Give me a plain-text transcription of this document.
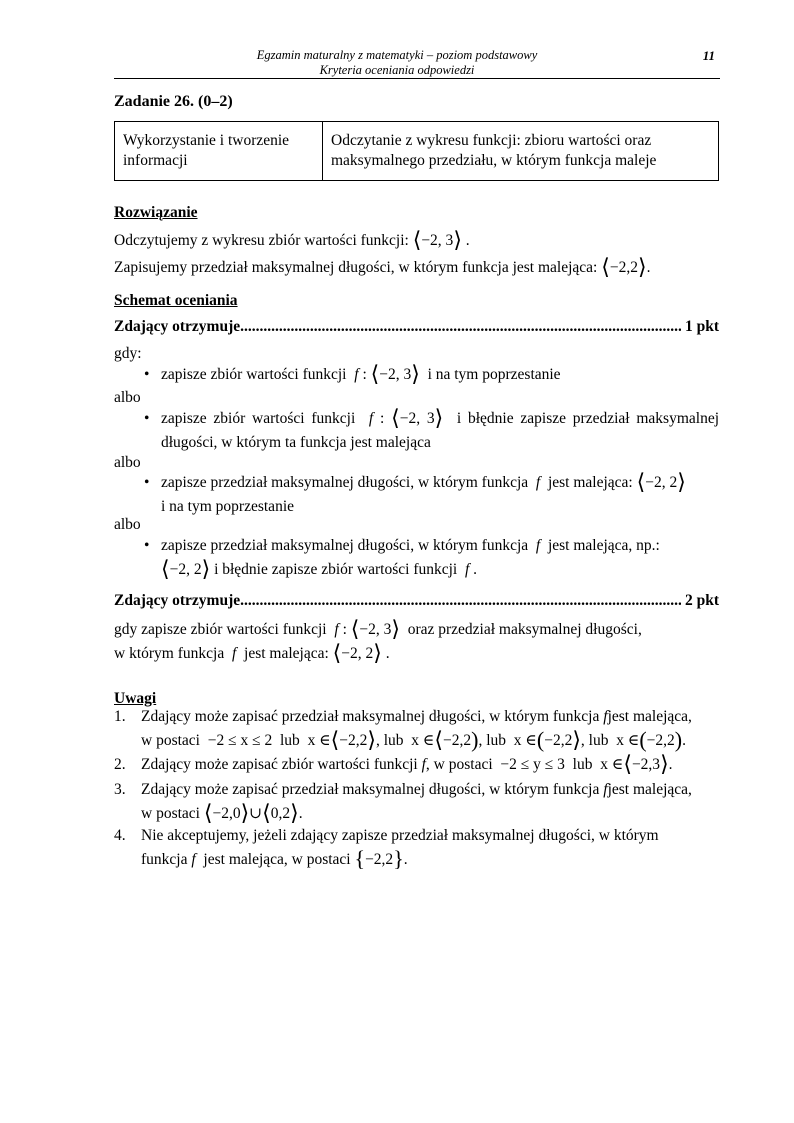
Egzamin maturalny z matematyki – poziom podstawowy
Kryteria oceniania odpowiedzi
11
Zadanie 26. (0–2)
Wykorzystanie i tworzenie informacji	Odczytanie z wykresu funkcji: zbioru wartości oraz maksymalnego przedziału, w którym funkcja maleje
Rozwiązanie
Odczytujemy z wykresu zbiór wartości funkcji: ⟨−2, 3⟩ .
Zapisujemy przedział maksymalnej długości, w którym funkcja jest malejąca: ⟨−2,2⟩.
Schemat oceniania
Zdający otrzymuje .....	1 pkt
gdy:
• zapisze zbiór wartości funkcji f : ⟨−2, 3⟩ i na tym poprzestanie
albo
• zapisze zbiór wartości funkcji f : ⟨−2, 3⟩ i błędnie zapisze przedział maksymalnej długości, w którym ta funkcja jest malejąca
albo
• zapisze przedział maksymalnej długości, w którym funkcja f jest malejąca: ⟨−2, 2⟩
i na tym poprzestanie
albo
• zapisze przedział maksymalnej długości, w którym funkcja f jest malejąca, np.:
⟨−2, 2⟩ i błędnie zapisze zbiór wartości funkcji f .
Zdający otrzymuje .....	2 pkt
gdy zapisze zbiór wartości funkcji f : ⟨−2, 3⟩ oraz przedział maksymalnej długości,
w którym funkcja f jest malejąca: ⟨−2, 2⟩ .
Uwagi
1. Zdający może zapisać przedział maksymalnej długości, w którym funkcja fjest malejąca,
w postaci −2 ≤ x ≤ 2 lub x ∈⟨−2,2⟩, lub x ∈⟨−2,2), lub x ∈(−2,2⟩, lub x ∈(−2,2).
2. Zdający może zapisać zbiór wartości funkcji f, w postaci −2 ≤ y ≤ 3 lub x ∈⟨−2,3⟩.
3. Zdający może zapisać przedział maksymalnej długości, w którym funkcja fjest malejąca,
w postaci ⟨−2,0⟩∪⟨0,2⟩.
4. Nie akceptujemy, jeżeli zdający zapisze przedział maksymalnej długości, w którym
funkcja f jest malejąca, w postaci {−2,2}.
